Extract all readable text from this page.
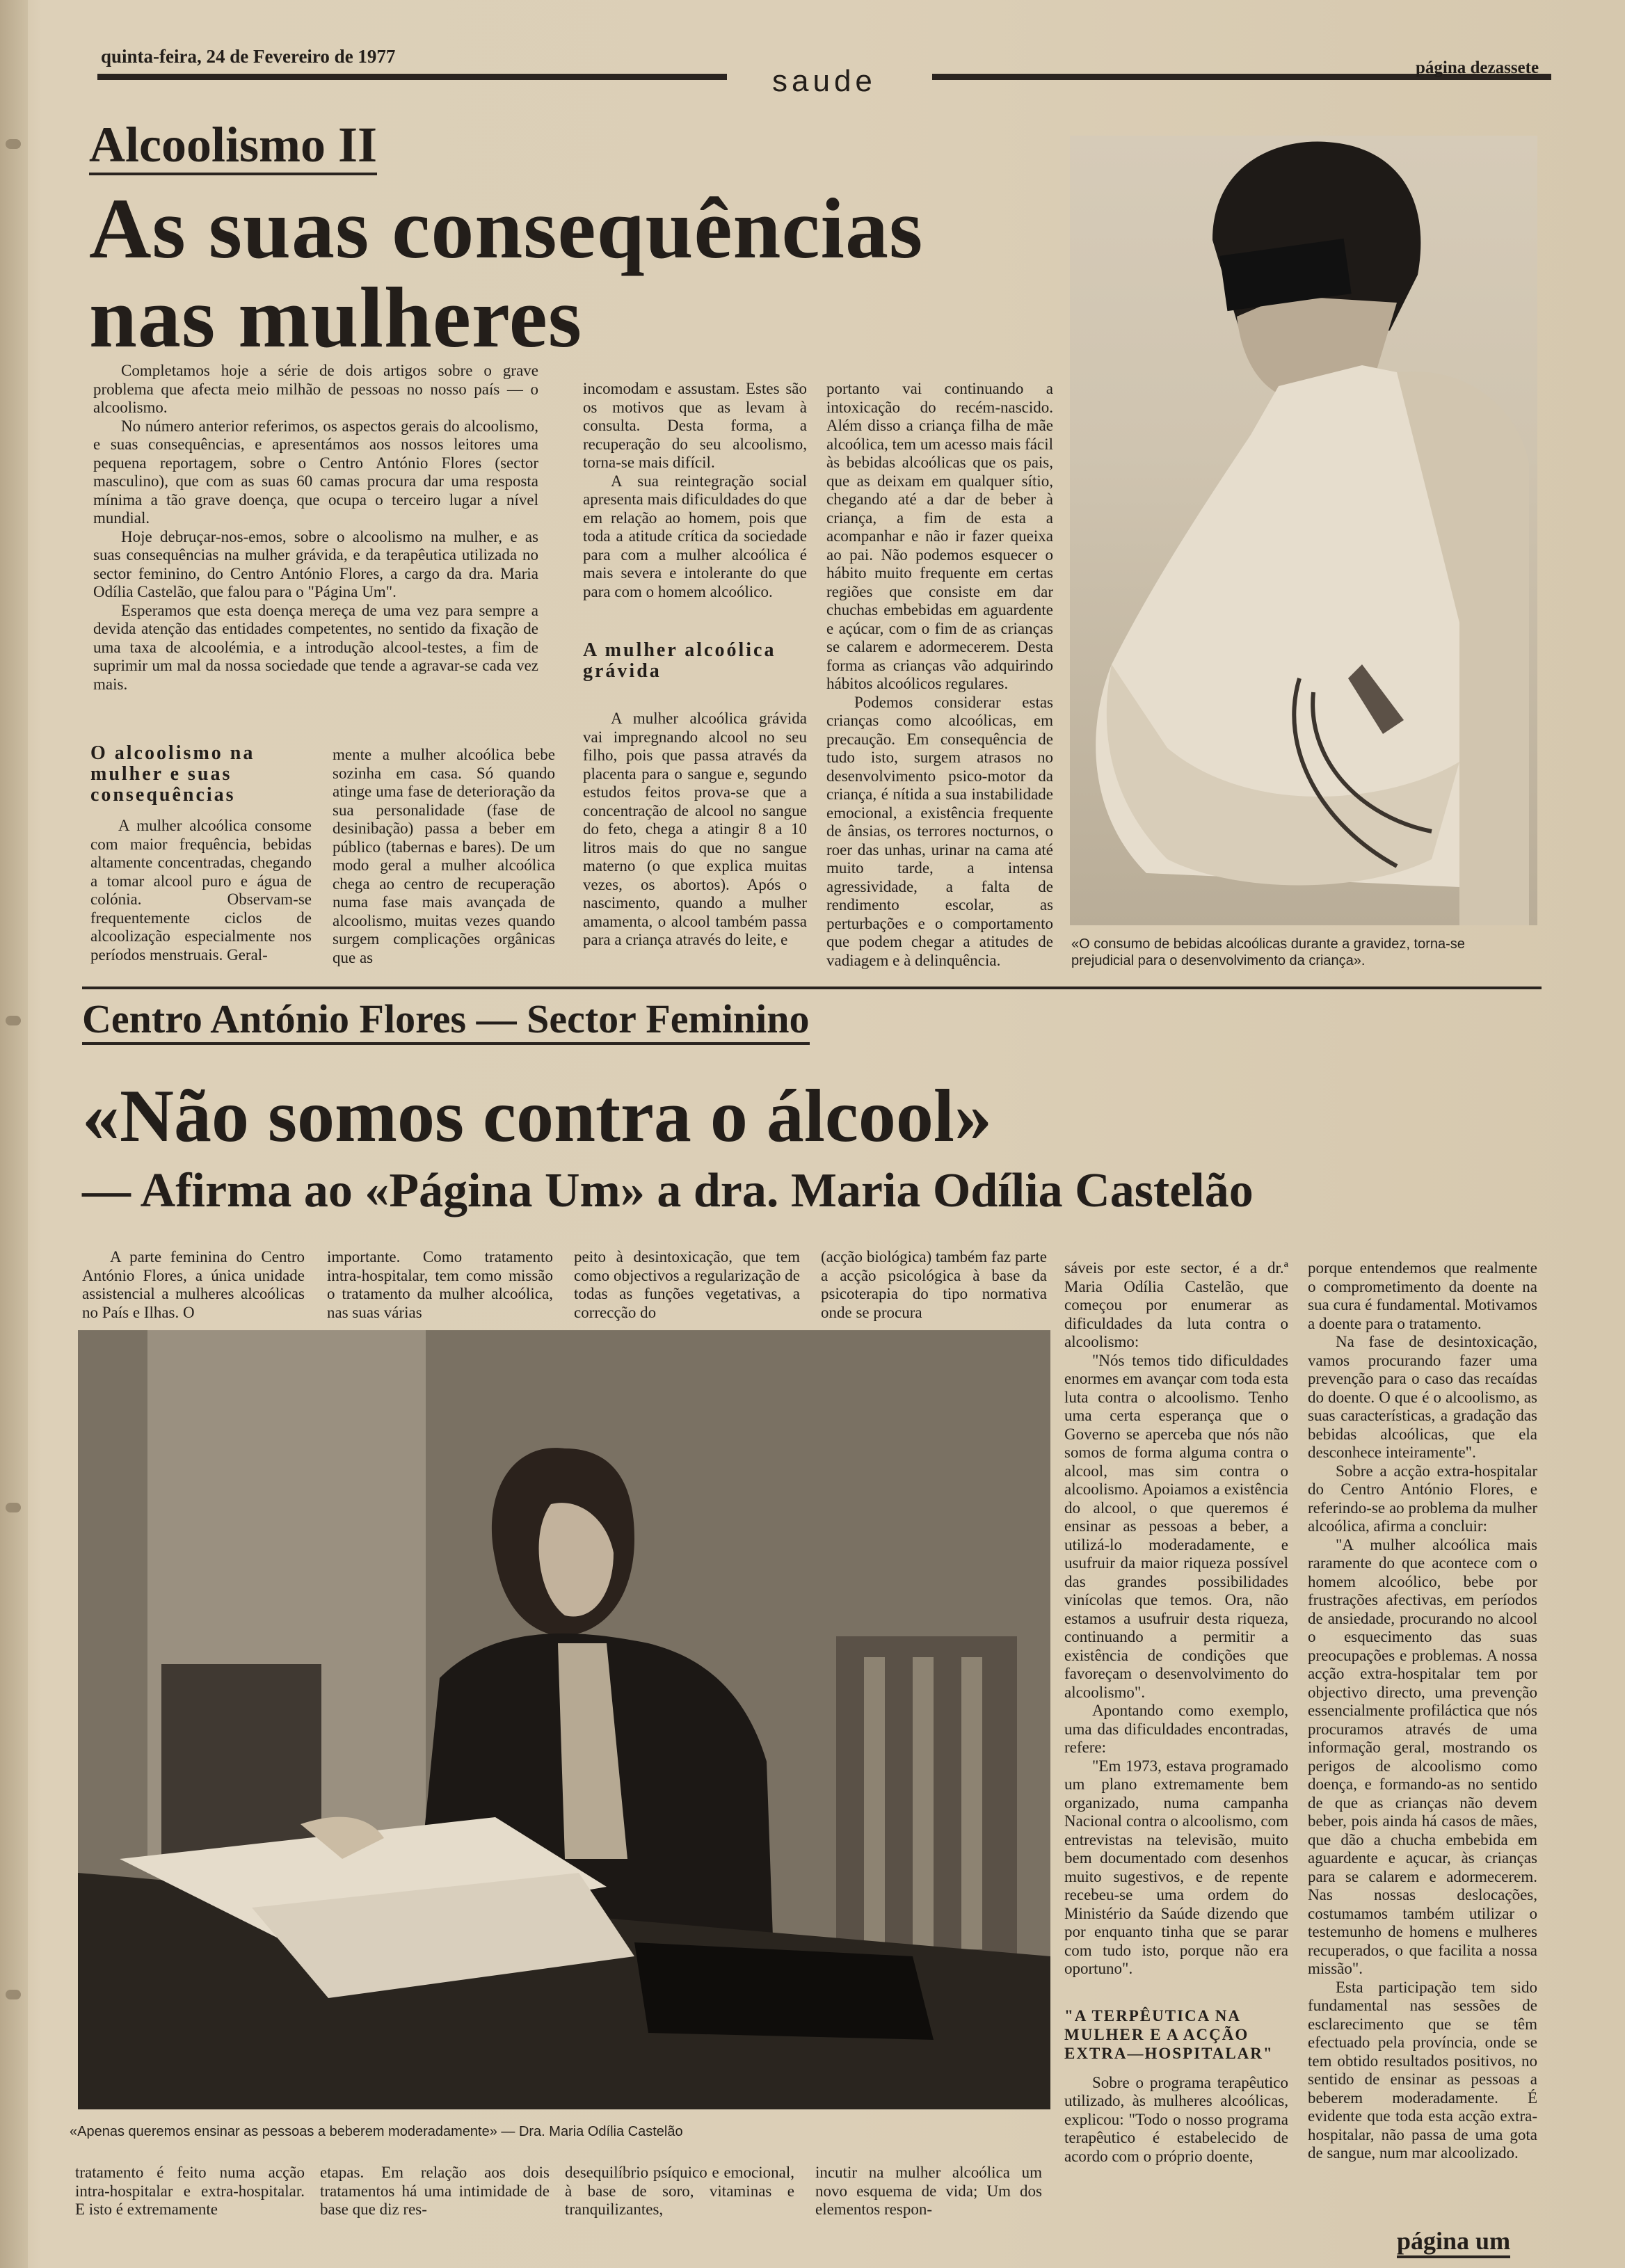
quinta-feira, 24 de Fevereiro de 1977
saude	página dezassete
Alcoolismo II
As suas consequências
nas mulheres

Completamos hoje a série de dois artigos sobre o grave problema que afecta meio milhão de pessoas no nosso país — o alcoolismo.

No número anterior referimos, os aspectos gerais do alcoolismo, e suas consequências, e apresentámos aos nossos leitores uma pequena reportagem, sobre o Centro António Flores (sector masculino), que com as suas 60 camas procura dar uma resposta mínima a tão grave doença, que ocupa o terceiro lugar a nível mundial.

Hoje debruçar-nos-emos, sobre o alcoolismo na mulher, e as suas consequências na mulher grávida, e da terapêutica utilizada no sector feminino, do Centro António Flores, a cargo da dra. Maria Odília Castelão, que falou para o "Página Um".

Esperamos que esta doença mereça de uma vez para sempre a devida atenção das entidades competentes, no sentido da fixação de uma taxa de alcoolémia, e a introdução alcool-testes, a fim de suprimir um mal da nossa sociedade que tende a agravar-se cada vez mais.

O alcoolismo na mulher e suas consequências

A mulher alcoólica consome com maior frequência, bebidas altamente concentradas, chegando a tomar alcool puro e água de colónia. Observam-se frequentemente ciclos de alcoolização especialmente nos períodos menstruais. Geral-

mente a mulher alcoólica bebe sozinha em casa. Só quando atinge uma fase de deterioração da sua personalidade (fase de desinibação) passa a beber em público (tabernas e bares). De um modo geral a mulher alcoólica chega ao centro de recuperação numa fase mais avançada de alcoolismo, muitas vezes quando surgem complicações orgânicas que as

incomodam e assustam. Estes são os motivos que as levam à consulta. Desta forma, a recuperação do seu alcoolismo, torna-se mais difícil.

A sua reintegração social apresenta mais dificuldades do que em relação ao homem, pois que toda a atitude crítica da sociedade para com a mulher alcoólica é mais severa e intolerante do que para com o homem alcoólico.

A mulher alcoólica grávida

A mulher alcoólica grávida vai impregnando alcool no seu filho, pois que passa através da placenta para o sangue e, segundo estudos feitos prova-se que a concentração de alcool no sangue do feto, chega a atingir 8 a 10 litros mais do que no sangue materno (o que explica muitas vezes, os abortos). Após o nascimento, quando a mulher amamenta, o alcool também passa para a criança através do leite, e

portanto vai continuando a intoxicação do recém-nascido. Além disso a criança filha de mãe alcoólica, tem um acesso mais fácil às bebidas alcoólicas que os pais, que as deixam em qualquer sítio, chegando até a dar de beber à criança, a fim de esta a acompanhar e não ir fazer queixa ao pai. Não podemos esquecer o hábito muito frequente em certas regiões que consiste em dar chuchas embebidas em aguardente e açúcar, com o fim de as crianças se calarem e adormecerem. Desta forma as crianças vão adquirindo hábitos alcoólicos regulares.

Podemos considerar estas crianças como alcoólicas, em precaução. Em consequência de tudo isto, surgem atrasos no desenvolvimento psico-motor da criança, é nítida a sua instabilidade emocional, a existência frequente de ânsias, os terrores nocturnos, o roer das unhas, urinar na cama até muito tarde, a intensa agressividade, a falta de rendimento escolar, as perturbações e o comportamento que podem chegar a atitudes de vadiagem e à delinquência.

«O consumo de bebidas alcoólicas durante a gravidez, torna-se prejudicial para o desenvolvimento da criança».
Centro António Flores — Sector Feminino
«Não somos contra o álcool»
— Afirma ao «Página Um» a dra. Maria Odília Castelão

A parte feminina do Centro António Flores, a única unidade assistencial a mulheres alcoólicas no País e Ilhas. O

importante. Como tratamento intra-hospitalar, tem como missão o tratamento da mulher alcoólica, nas suas várias

peito à desintoxicação, que tem como objectivos a regularização de todas as funções vegetativas, a correcção do

(acção biológica) também faz parte a acção psicológica à base da psicoterapia do tipo normativa onde se procura

«Apenas queremos ensinar as pessoas a beberem moderadamente» — Dra. Maria Odília Castelão

tratamento é feito numa acção intra-hospitalar e extra-hospitalar. E isto é extremamente

etapas. Em relação aos dois tratamentos há uma intimidade de base que diz res-

desequilíbrio psíquico e emocional, à base de soro, vitaminas e tranquilizantes,

incutir na mulher alcoólica um novo esquema de vida; Um dos elementos respon-

sáveis por este sector, é a dr.ª Maria Odília Castelão, que começou por enumerar as dificuldades da luta contra o alcoolismo:

"Nós temos tido dificuldades enormes em avançar com toda esta luta contra o alcoolismo. Tenho uma certa esperança que o Governo se aperceba que nós não somos de forma alguma contra o alcool, mas sim contra o alcoolismo. Apoiamos a existência do alcool, o que queremos é ensinar as pessoas a beber, a utilizá-lo moderadamente, e usufruir da maior riqueza possível das grandes possibilidades vinícolas que temos. Ora, não estamos a usufruir desta riqueza, continuando a permitir a existência de condições que favoreçam o desenvolvimento do alcoolismo".

Apontando como exemplo, uma das dificuldades encontradas, refere:

"Em 1973, estava programado um plano extremamente bem organizado, numa campanha Nacional contra o alcoolismo, com entrevistas na televisão, muito bem documentado com desenhos muito sugestivos, e de repente recebeu-se uma ordem do Ministério da Saúde dizendo que por enquanto tinha que se parar com tudo isto, porque não era oportuno".

"A TERPÊUTICA NA MULHER E A ACÇÃO EXTRA—HOSPITALAR"

Sobre o programa terapêutico utilizado, às mulheres alcoólicas, explicou: "Todo o nosso programa terapêutico é estabelecido de acordo com o próprio doente,

porque entendemos que realmente o comprometimento da doente na sua cura é fundamental. Motivamos a doente para o tratamento.

Na fase de desintoxicação, vamos procurando fazer uma prevenção para o caso das recaídas do doente. O que é o alcoolismo, as suas características, a gradação das bebidas alcoólicas, que ela desconhece inteiramente".

Sobre a acção extra-hospitalar do Centro António Flores, e referindo-se ao problema da mulher alcoólica, afirma a concluir:

"A mulher alcoólica mais raramente do que acontece com o homem alcoólico, bebe por frustrações afectivas, em períodos de ansiedade, procurando no alcool o esquecimento das suas preocupações e problemas. A nossa acção extra-hospitalar tem por objectivo directo, uma prevenção essencialmente profiláctica que nós procuramos através de uma informação geral, mostrando os perigos de alcoolismo como doença, e formando-as no sentido de que as crianças não devem beber, pois ainda há casos de mães, que dão a chucha embebida em aguardente e açucar, às crianças para se calarem e adormecerem. Nas nossas deslocações, costumamos também utilizar o testemunho de homens e mulheres recuperados, o que facilita a nossa missão".

Esta participação tem sido fundamental nas sessões de esclarecimento que se têm efectuado pela província, onde se tem obtido resultados positivos, no sentido de ensinar as pessoas a beberem moderadamente. É evidente que toda esta acção extra-hospitalar, não passa de uma gota de sangue, num mar alcoolizado.

página um
